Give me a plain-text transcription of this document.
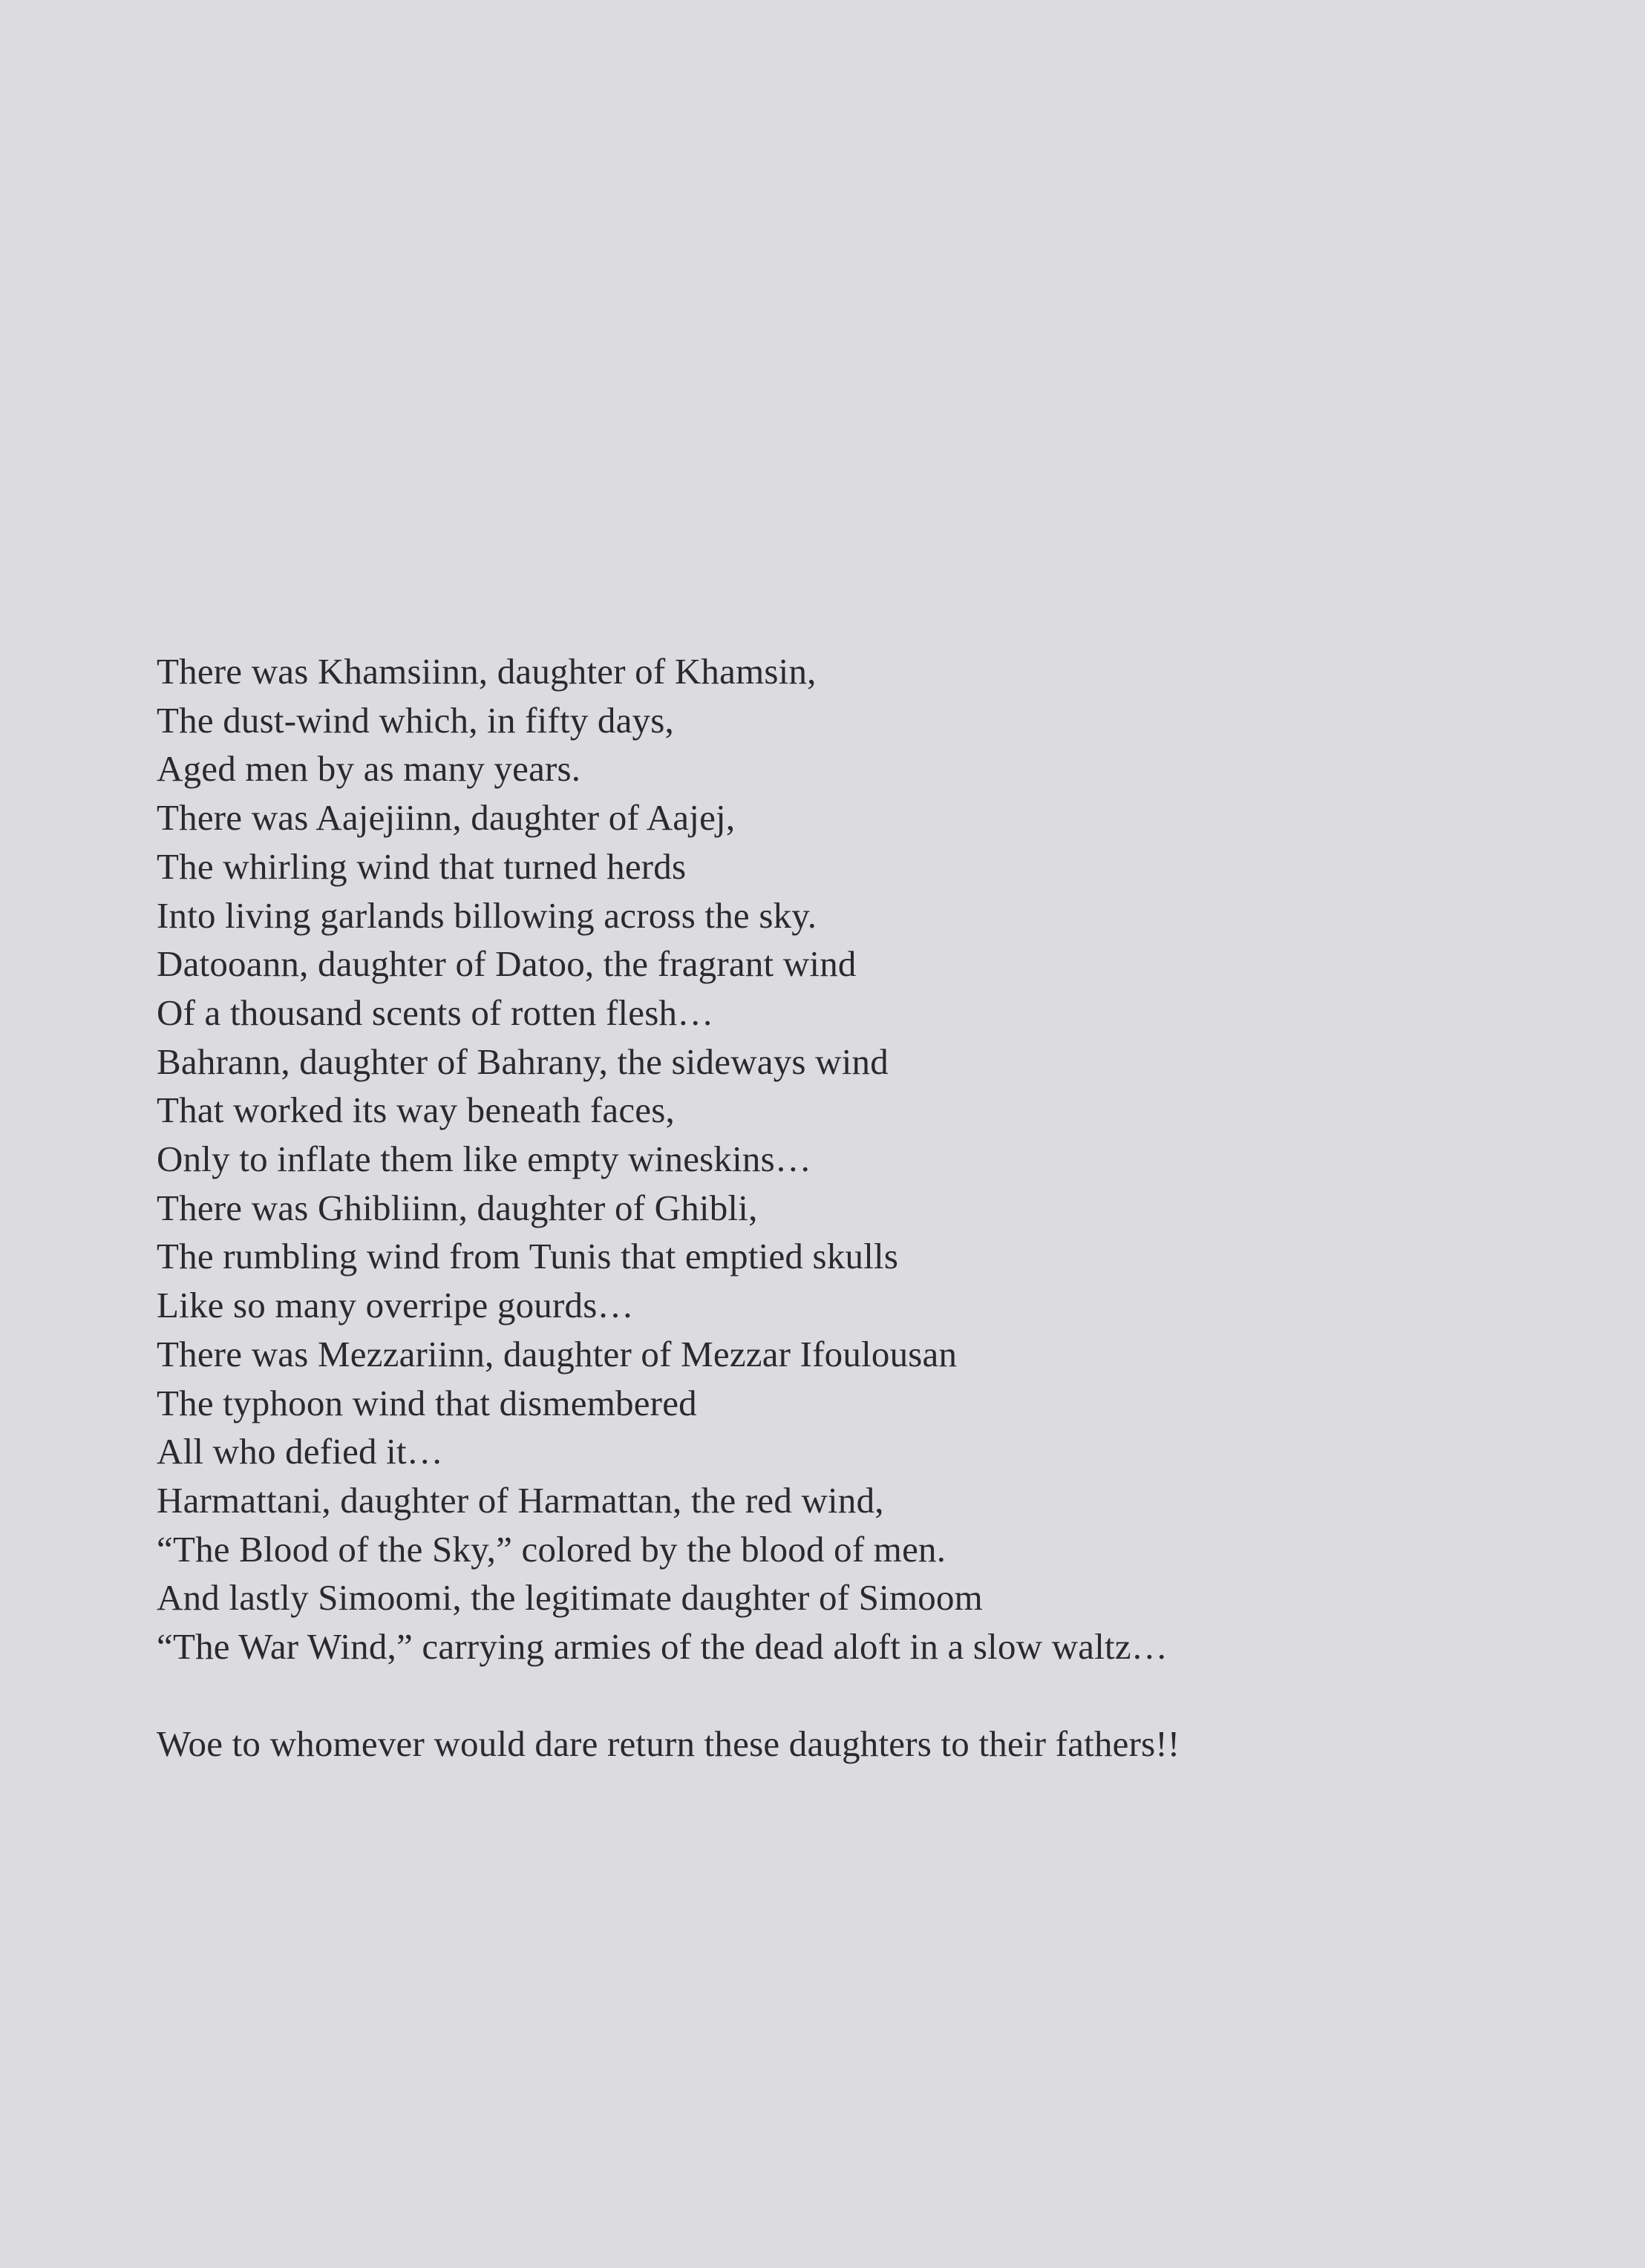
There was Khamsiinn, daughter of Khamsin,
The dust-wind which, in fifty days,
Aged men by as many years.
There was Aajejiinn, daughter of Aajej,
The whirling wind that turned herds
Into living garlands billowing across the sky.
Datooann, daughter of Datoo, the fragrant wind
Of a thousand scents of rotten flesh…
Bahrann, daughter of Bahrany, the sideways wind
That worked its way beneath faces,
Only to inflate them like empty wineskins…
There was Ghibliinn, daughter of Ghibli,
The rumbling wind from Tunis that emptied skulls
Like so many overripe gourds…
There was Mezzariinn, daughter of Mezzar Ifoulousan
The typhoon wind that dismembered
All who defied it…
Harmattani, daughter of Harmattan, the red wind,
“The Blood of the Sky,” colored by the blood of men.
And lastly Simoomi, the legitimate daughter of Simoom
“The War Wind,” carrying armies of the dead aloft in a slow waltz…
Woe to whomever would dare return these daughters to their fathers!!
